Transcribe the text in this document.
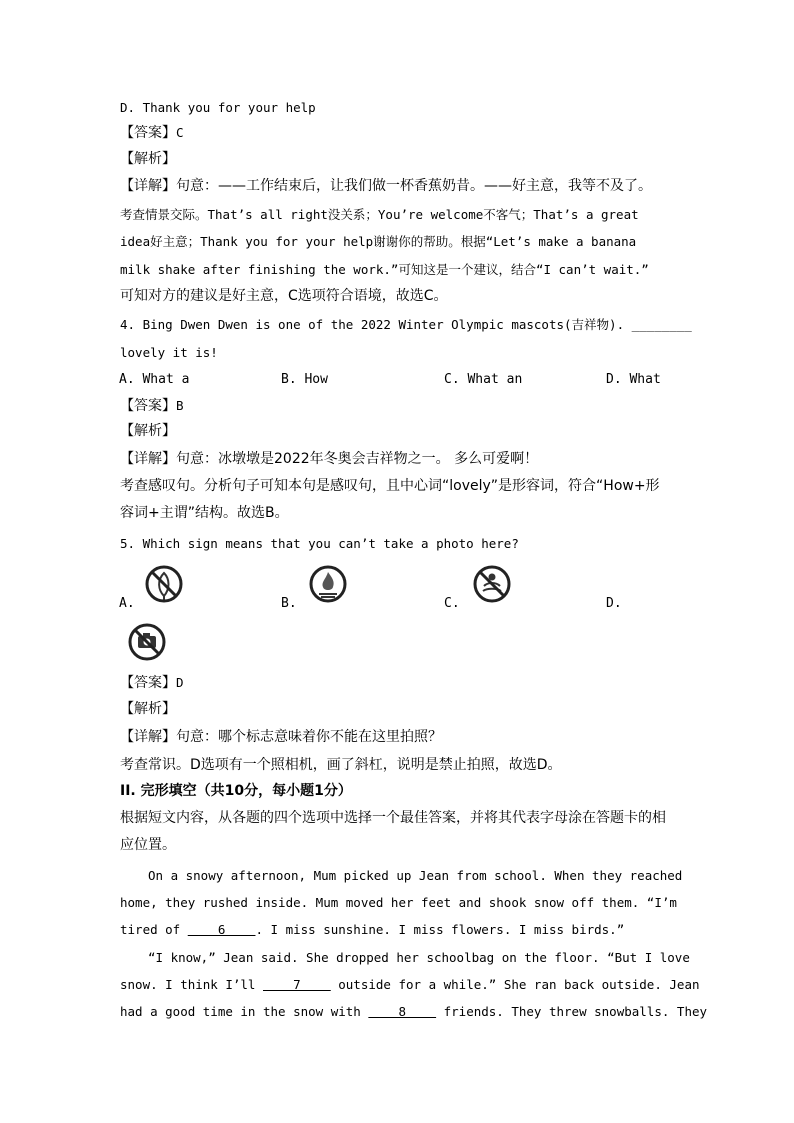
D. Thank you for your help
【答案】C
【解析】
【详解】句意：——工作结束后，让我们做一杯香蕉奶昔。——好主意，我等不及了。
考查情景交际。That’s all right没关系；You’re welcome不客气；That’s a great
idea好主意；Thank you for your help谢谢你的帮助。根据“Let’s make a banana
milk shake after finishing the work.”可知这是一个建议，结合“I can’t wait.”
可知对方的建议是好主意，C选项符合语境，故选C。
4. Bing Dwen Dwen is one of the 2022 Winter Olympic mascots(吉祥物). ________
lovely it is!
A. What a	B. How	C. What an	D. What
【答案】B
【解析】
【详解】句意：冰墩墩是2022年冬奥会吉祥物之一。 多么可爱啊！
考查感叹句。分析句子可知本句是感叹句，且中心词“lovely”是形容词，符合“How+形
容词+主谓”结构。故选B。
5. Which sign means that you can’t take a photo here?
A.	B.	C.	D.
【答案】D
【解析】
【详解】句意：哪个标志意味着你不能在这里拍照？
考查常识。D选项有一个照相机，画了斜杠，说明是禁止拍照，故选D。
II. 完形填空（共10分，每小题1分）
根据短文内容，从各题的四个选项中选择一个最佳答案，并将其代表字母涂在答题卡的相
应位置。
On a snowy afternoon, Mum picked up Jean from school. When they reached
home, they rushed inside. Mum moved her feet and shook snow off them. “I’m
tired of     6    . I miss sunshine. I miss flowers. I miss birds.”
“I know,” Jean said. She dropped her schoolbag on the floor. “But I love
snow. I think I’ll     7     outside for a while.” She ran back outside. Jean
had a good time in the snow with     8     friends. They threw snowballs. They
